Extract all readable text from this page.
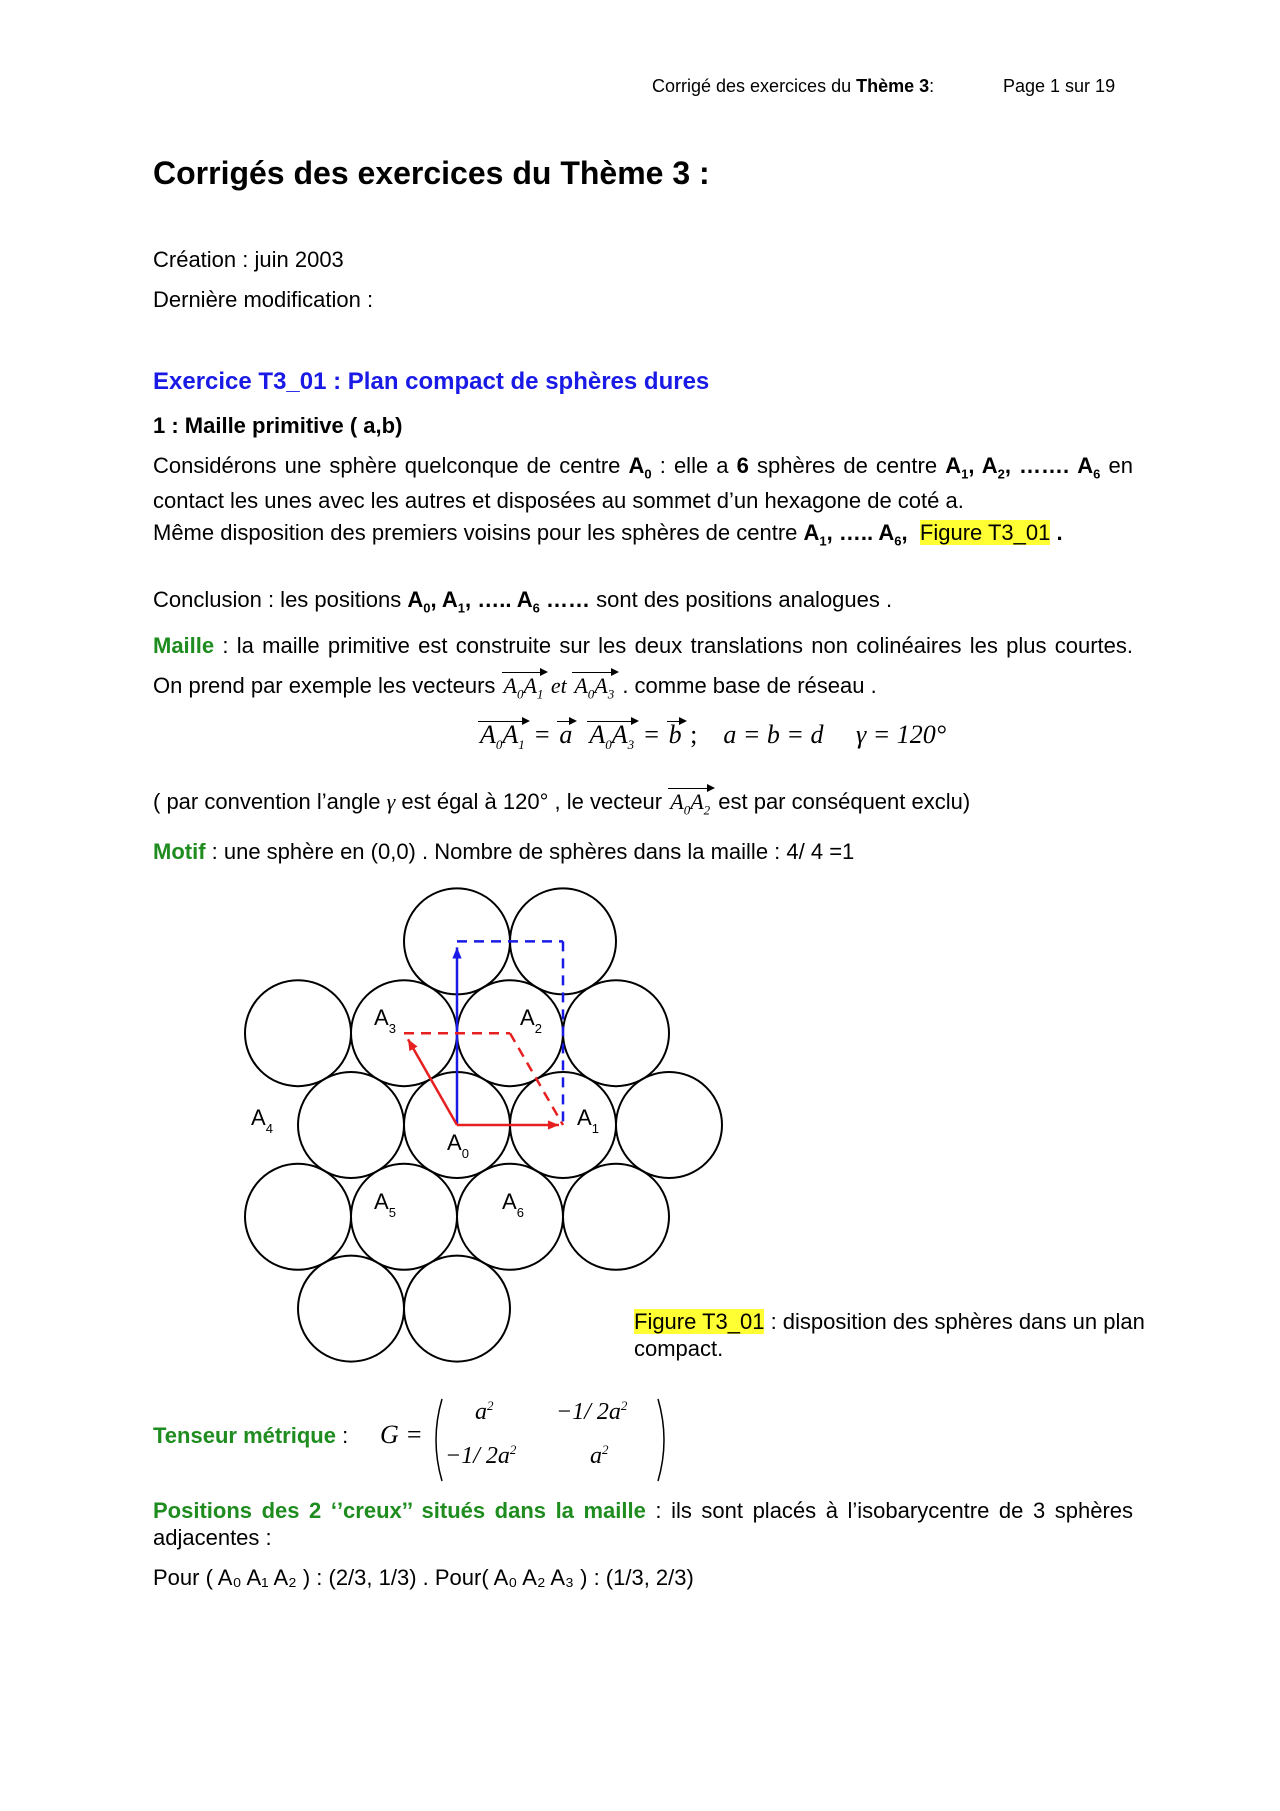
Corrigé des exercices du Thème 3:	Page 1 sur 19
Corrigés des exercices du Thème 3 :
Création : juin 2003
Dernière modification :
Exercice T3_01 : Plan compact de sphères dures
1 : Maille primitive ( a,b)
Considérons une sphère quelconque de centre $A_0$ : elle a 6 sphères de centre $A_1$, $A_2$, ……. $A_6$ en contact les unes avec les autres et disposées au sommet d’un hexagone de coté a.
Même disposition des premiers voisins pour les sphères de centre $A_1$, ….. $A_6$, Figure T3_01 .
Conclusion : les positions $A_0$, $A_1$, ….. $A_6$ …… sont des positions analogues .
Maille : la maille primitive est construite sur les deux translations non colinéaires les plus courtes. On prend par exemple les vecteurs $A_0A_1$ et $A_0A_3$ . comme base de réseau .
$A_0A_1 = a$ $A_0A_3 = b$ ;    a = b = d γ = 120°
( par convention l’angle γ est égal à 120° , le vecteur $A_0A_2$ est par conséquent exclu)
Motif : une sphère en (0,0) . Nombre de sphères dans la maille : 4/ 4 =1
$A_0$
$A_1$
$A_2$
$A_3$
$A_4$
$A_5$	$A_6$
Figure T3_01 : disposition des sphères dans un plan compact.
Tenseur métrique : G =
$a^2$	−1/ $2a^2$
−1/ $2a^2$	$a^2$
Positions des 2 ‘’creux’’ situés dans la maille : ils sont placés à l’isobarycentre de 3 sphères adjacentes :
Pour ( A₀ A₁ A₂ ) : (2/3, 1/3) . Pour( A₀ A₂ A₃ ) : (1/3, 2/3)
